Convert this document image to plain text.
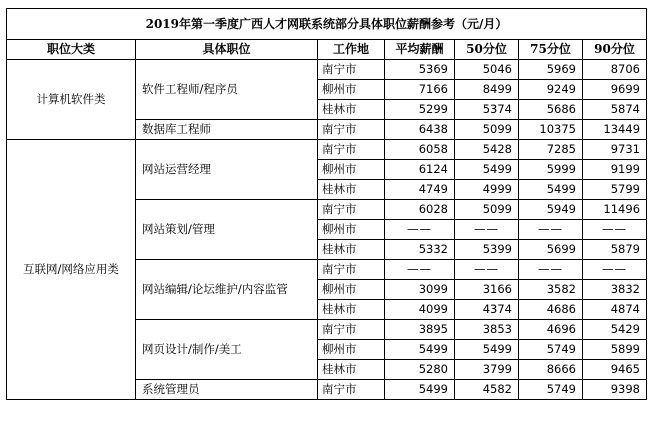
2019年第一季度广西人才网联系统部分具体职位薪酬参考（元/月）						
职位大类	具体职位	工作地	平均薪酬	50分位	75分位	90分位
计算机软件类	软件工程师/程序员	南宁市	5369	5046	5969	8706
		柳州市	7166	8499	9249	9699
		桂林市	5299	5374	5686	5874
	数据库工程师	南宁市	6438	5099	10375	13449
互联网/网络应用类	网站运营经理	南宁市	6058	5428	7285	9731
		柳州市	6124	5499	5999	9199
		桂林市	4749	4999	5499	5799
	网站策划/管理	南宁市	6028	5099	5949	11496
		柳州市	——	——	——	——
		桂林市	5332	5399	5699	5879
	网站编辑/论坛维护/内容监管	南宁市	——	——	——	——
		柳州市	3099	3166	3582	3832
		桂林市	4099	4374	4686	4874
	网页设计/制作/美工	南宁市	3895	3853	4696	5429
		柳州市	5499	5499	5749	5899
		桂林市	5280	3799	8666	9465
	系统管理员	南宁市	5499	4582	5749	9398
